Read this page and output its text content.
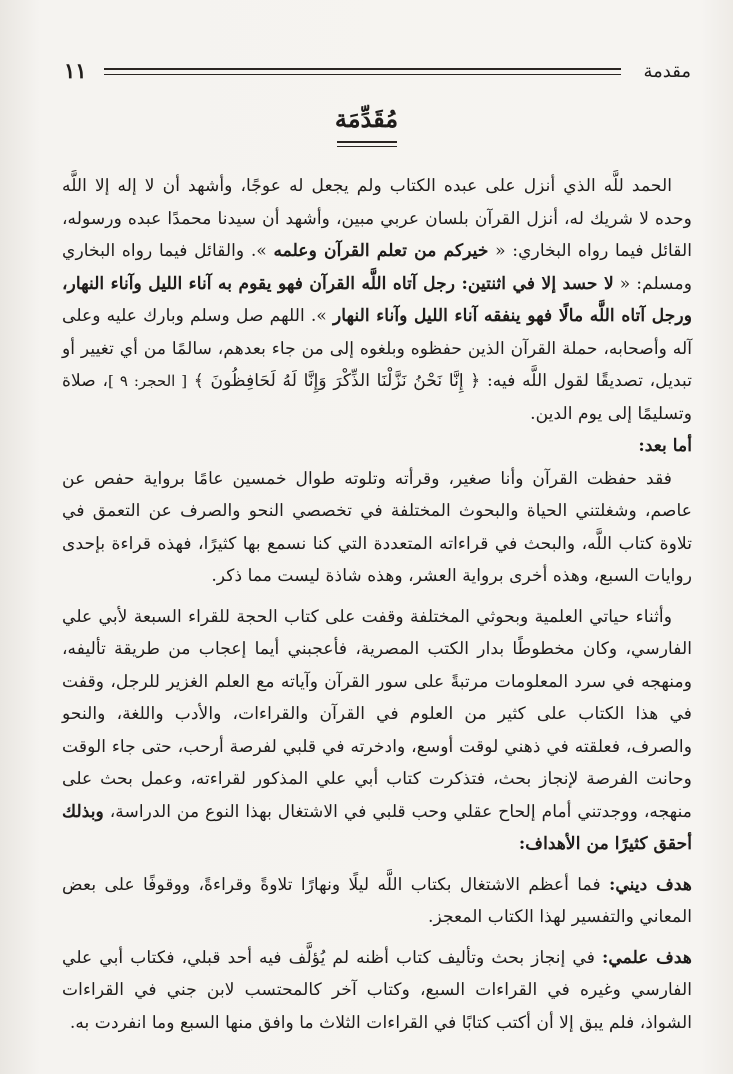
مقدمة
١١
مُقَدِّمَة

الحمد للَّه الذي أنزل على عبده الكتاب ولم يجعل له عوجًا، وأشهد أن لا إله إلا اللَّه وحده لا شريك له، أنزل القرآن بلسان عربي مبين، وأشهد أن سيدنا محمدًا عبده ورسوله، القائل فيما رواه البخاري: « خيركم من تعلم القرآن وعلمه ». والقائل فيما رواه البخاري ومسلم: « لا حسد إلا في اثنتين: رجل آتاه اللَّه القرآن فهو يقوم به آناء الليل وآناء النهار، ورجل آتاه اللَّه مالًا فهو ينفقه آناء الليل وآناء النهار ». اللهم صل وسلم وبارك عليه وعلى آله وأصحابه، حملة القرآن الذين حفظوه وبلغوه إلى من جاء بعدهم، سالمًا من أي تغيير أو تبديل، تصديقًا لقول اللَّه فيه: ﴿ إِنَّا نَحْنُ نَزَّلْنَا الذِّكْرَ وَإِنَّا لَهُ لَحَافِظُونَ ﴾ [ الحجر: ٩ ]، صلاة وتسليمًا إلى يوم الدين.

أما بعد:

فقد حفظت القرآن وأنا صغير، وقرأته وتلوته طوال خمسين عامًا برواية حفص عن عاصم، وشغلتني الحياة والبحوث المختلفة في تخصصي النحو والصرف عن التعمق في تلاوة كتاب اللَّه، والبحث في قراءاته المتعددة التي كنا نسمع بها كثيرًا، فهذه قراءة بإحدى روايات السبع، وهذه أخرى برواية العشر، وهذه شاذة ليست مما ذكر.

وأثناء حياتي العلمية وبحوثي المختلفة وقفت على كتاب الحجة للقراء السبعة لأبي علي الفارسي، وكان مخطوطًا بدار الكتب المصرية، فأعجبني أيما إعجاب من طريقة تأليفه، ومنهجه في سرد المعلومات مرتبةً على سور القرآن وآياته مع العلم الغزير للرجل، وقفت في هذا الكتاب على كثير من العلوم في القرآن والقراءات، والأدب واللغة، والنحو والصرف، فعلقته في ذهني لوقت أوسع، وادخرته في قلبي لفرصة أرحب، حتى جاء الوقت وحانت الفرصة لإنجاز بحث، فتذكرت كتاب أبي علي المذكور لقراءته، وعمل بحث على منهجه، ووجدتني أمام إلحاح عقلي وحب قلبي في الاشتغال بهذا النوع من الدراسة، وبذلك أحقق كثيرًا من الأهداف:

هدف ديني: فما أعظم الاشتغال بكتاب اللَّه ليلًا ونهارًا تلاوةً وقراءةً، ووقوفًا على بعض المعاني والتفسير لهذا الكتاب المعجز.

هدف علمي: في إنجاز بحث وتأليف كتاب أظنه لم يُؤلَّف فيه أحد قبلي، فكتاب أبي علي الفارسي وغيره في القراءات السبع، وكتاب آخر كالمحتسب لابن جني في القراءات الشواذ، فلم يبق إلا أن أكتب كتابًا في القراءات الثلاث ما وافق منها السبع وما انفردت به.
